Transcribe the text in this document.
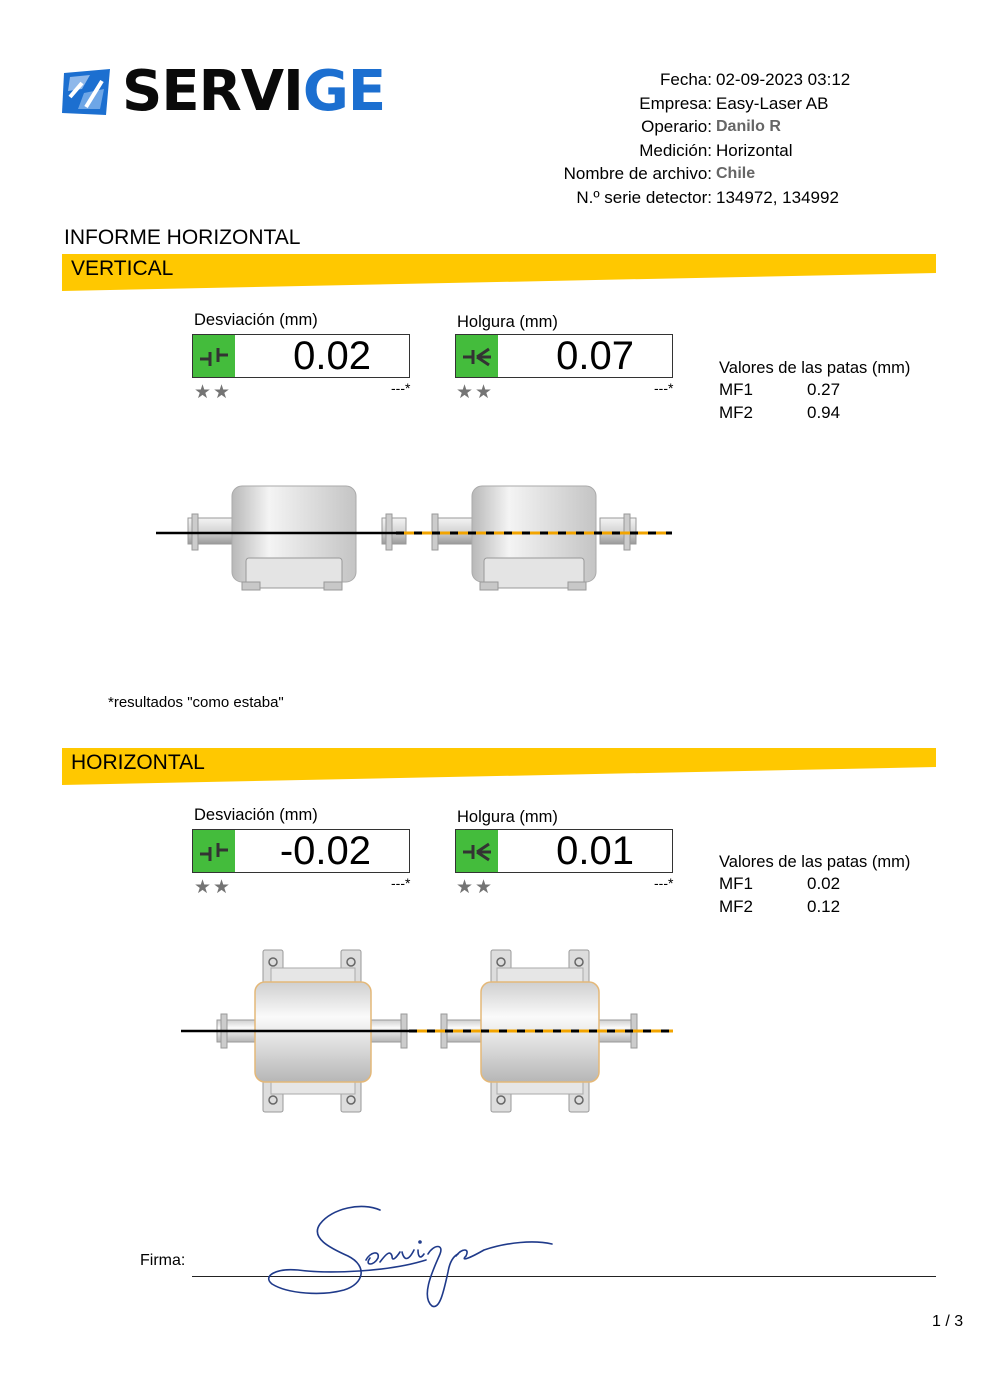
SERVIGE	Fecha: 02-09-2023 03:12
Empresa: Easy-Laser AB
Operario: Danilo R
Medición: Horizontal
Nombre de archivo: Chile
N.º serie detector: 134972, 134992
INFORME HORIZONTAL
VERTICAL
Desviación (mm)
0.02
★★	---*
Holgura (mm)
0.07
★★	---*
Valores de las patas (mm)
MF1	0.27
MF2	0.94
*resultados "como estaba"
HORIZONTAL
Desviación (mm)
-0.02
★★	---*
Holgura (mm)
0.01
★★	---*
Valores de las patas (mm)
MF1	0.02
MF2	0.12
Firma:
1 / 3
